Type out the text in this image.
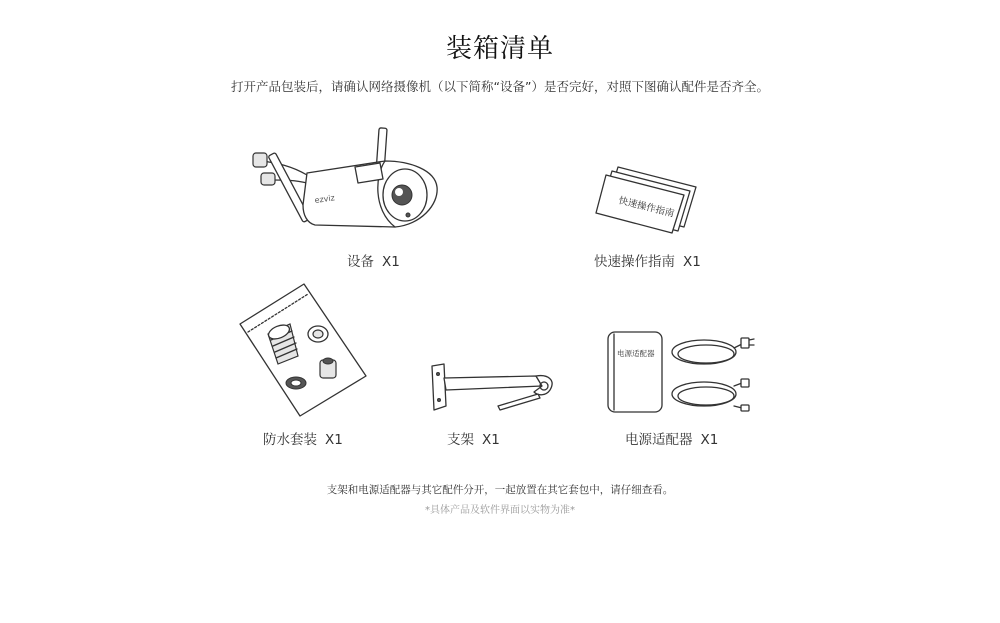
装箱清单
打开产品包装后，请确认网络摄像机（以下简称“设备”）是否完好，对照下图确认配件是否齐全。
ezviz
设备 X1
快速操作指南
快速操作指南 X1
防水套装 X1	支架 X1
电源适配器
电源适配器 X1
支架和电源适配器与其它配件分开，一起放置在其它套包中，请仔细查看。
*具体产品及软件界面以实物为准*
